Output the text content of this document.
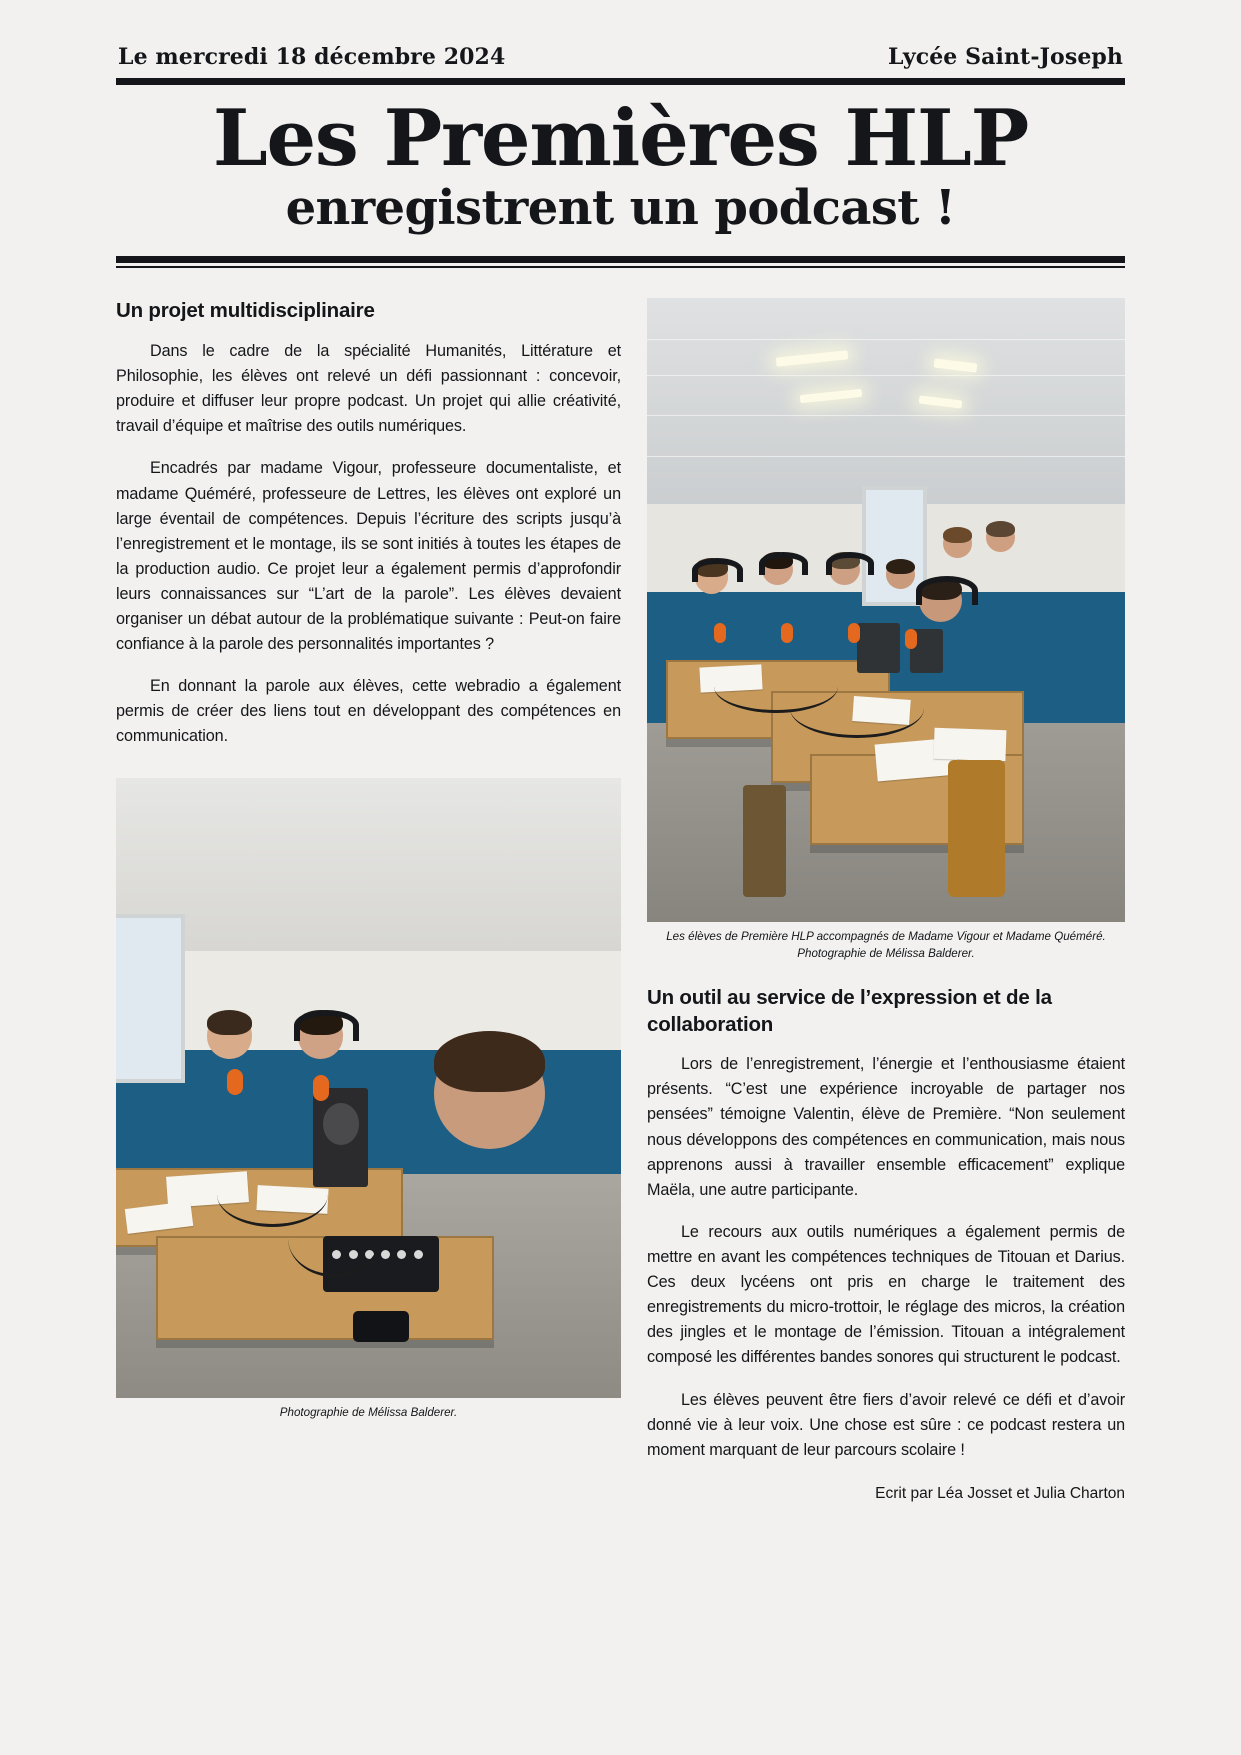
Le mercredi 18 décembre 2024	Lycée Saint-Joseph
Les Premières HLP
enregistrent un podcast !
Un projet multidisciplinaire

Dans le cadre de la spécialité Humanités, Littérature et Philosophie, les élèves ont relevé un défi passionnant : concevoir, produire et diffuser leur propre podcast. Un projet qui allie créativité, travail d’équipe et maîtrise des outils numériques.

Encadrés par madame Vigour, professeure documentaliste, et madame Quéméré, professeure de Lettres, les élèves ont exploré un large éventail de compétences. Depuis l’écriture des scripts jusqu’à l’enregistrement et le montage, ils se sont initiés à toutes les étapes de la production audio. Ce projet leur a également permis d’approfondir leurs connaissances sur “L’art de la parole”. Les élèves devaient organiser un débat autour de la problématique suivante : Peut-on faire confiance à la parole des personnalités importantes ?

En donnant la parole aux élèves, cette webradio a également permis de créer des liens tout en développant des compétences en communication.

Photographie de Mélissa Balderer.
Les élèves de Première HLP accompagnés de Madame Vigour et Madame Quéméré. Photographie de Mélissa Balderer.
Un outil au service de l’expression et de la collaboration

Lors de l’enregistrement, l’énergie et l’enthousiasme étaient présents. “C’est une expérience incroyable de partager nos pensées” témoigne Valentin, élève de Première. “Non seulement nous développons des compétences en communication, mais nous apprenons aussi à travailler ensemble efficacement” explique Maëla, une autre participante.

Le recours aux outils numériques a également permis de mettre en avant les compétences techniques de Titouan et Darius. Ces deux lycéens ont pris en charge le traitement des enregistrements du micro-trottoir, le réglage des micros, la création des jingles et le montage de l’émission. Titouan a intégralement composé les différentes bandes sonores qui structurent le podcast.

Les élèves peuvent être fiers d’avoir relevé ce défi et d’avoir donné vie à leur voix. Une chose est sûre : ce podcast restera un moment marquant de leur parcours scolaire !

Ecrit par Léa Josset et Julia Charton
